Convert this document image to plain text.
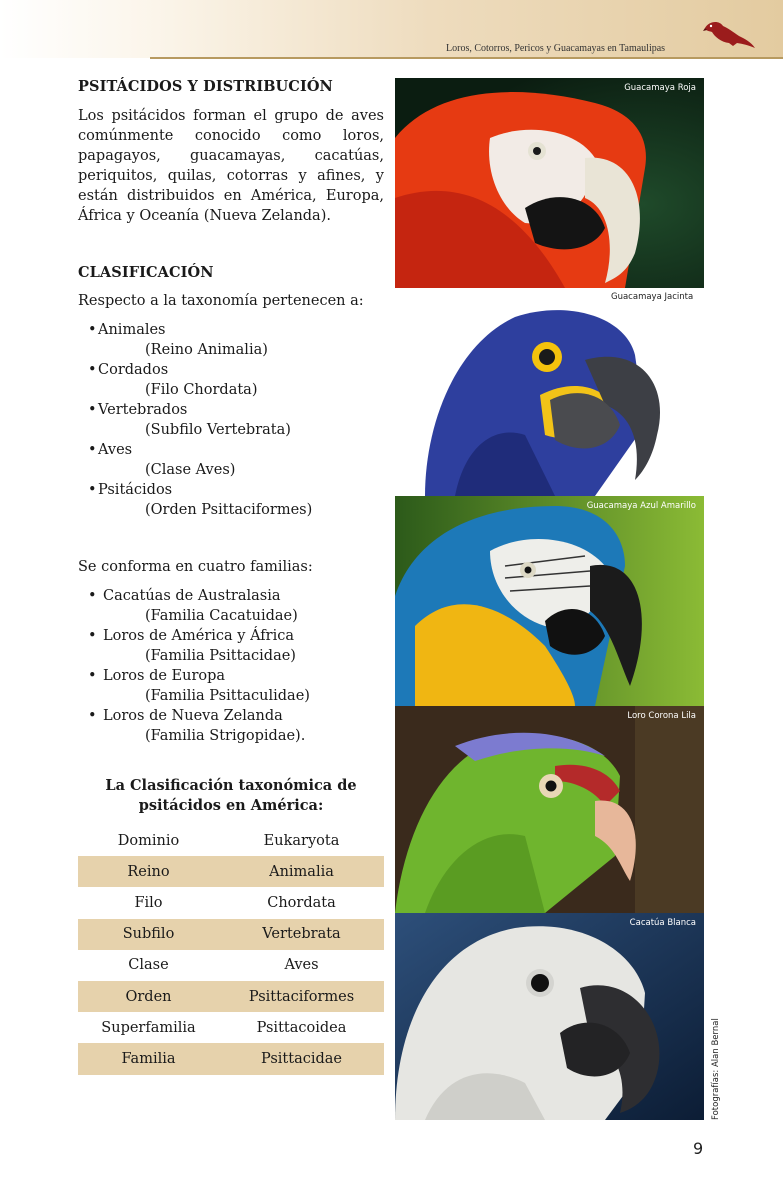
Loros, Cotorros, Pericos y Guacamayas en Tamaulipas
PSITÁCIDOS Y DISTRIBUCIÓN
Los psitácidos forman el grupo de aves comúnmente conocido como loros, papagayos, guacamayas, cacatúas, periquitos, quilas, cotorras y afines, y están distribuidos en América, Europa, África y Oceanía (Nueva Zelanda).
CLASIFICACIÓN
Respecto a la taxonomía pertenecen a:
• Animales
(Reino Animalia)
• Cordados
(Filo Chordata)
• Vertebrados
(Subfilo Vertebrata)
• Aves
(Clase Aves)
• Psitácidos
(Orden Psittaciformes)
Se conforma en cuatro familias:
• Cacatúas de Australasia
(Familia Cacatuidae)
• Loros de América y África
(Familia Psittacidae)
• Loros de Europa
(Familia Psittaculidae)
• Loros de Nueva Zelanda
(Familia Strigopidae).
La Clasificación taxonómica de
psitácidos en América:
Dominio	Eukaryota
Reino	Animalia
Filo	Chordata
Subfilo	Vertebrata
Clase	Aves
Orden	Psittaciformes
Superfamilia	Psittacoidea
Familia	Psittacidae
Guacamaya Roja
Guacamaya Jacinta
Guacamaya Azul Amarillo
Loro Corona Lila
Cacatúa Blanca
Fotografías: Alan Bernal
9
